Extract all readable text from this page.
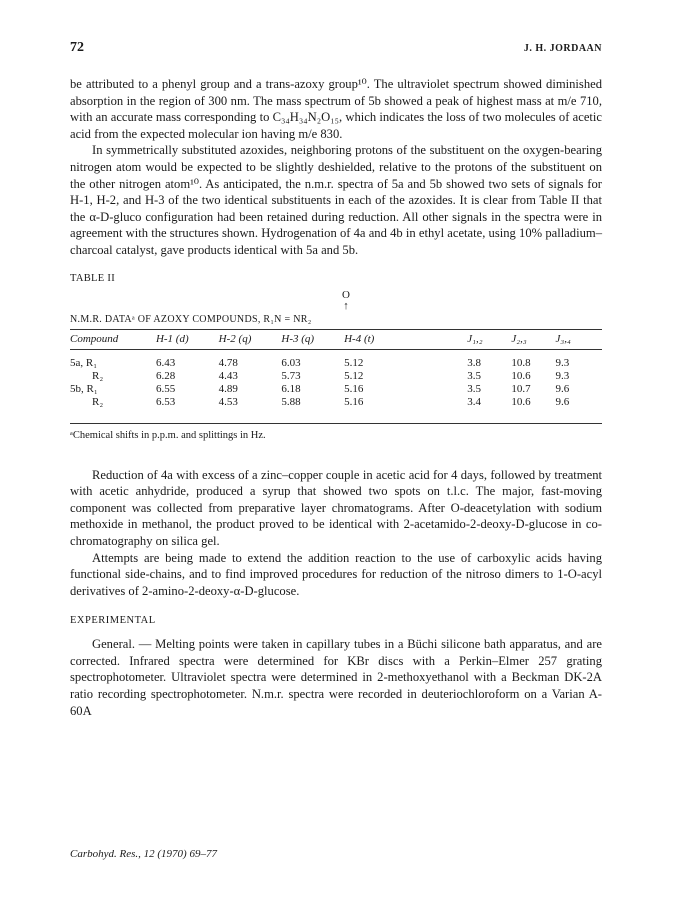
72	J. H. JORDAAN

be attributed to a phenyl group and a trans-azoxy group¹⁰. The ultraviolet spectrum showed diminished absorption in the region of 300 nm. The mass spectrum of 5b showed a peak of highest mass at m/e 710, with an accurate mass corresponding to C₃₄H₃₄N₂O₁₅, which indicates the loss of two molecules of acetic acid from the expected molecular ion having m/e 830.

In symmetrically substituted azoxides, neighboring protons of the substituent on the oxygen-bearing nitrogen atom would be expected to be slightly deshielded, relative to the protons of the substituent on the other nitrogen atom¹⁰. As anticipated, the n.m.r. spectra of 5a and 5b showed two sets of signals for H-1, H-2, and H-3 of the two identical substituents in each of the azoxides. It is clear from Table II that the α-D-gluco configuration had been retained during reduction. All other signals in the spectra were in agreement with the structures shown. Hydrogenation of 4a and 4b in ethyl acetate, using 10% palladium–charcoal catalyst, gave products identical with 5a and 5b.

TABLE II
O
↑
N.M.R. DATAᵃ OF AZOXY COMPOUNDS, R₁N = NR₂
Compound	H-1 (d)	H-2 (q)	H-3 (q)	H-4 (t)	J₁,₂	J₂,₃	J₃,₄

5a, R₁	6.43	4.78	6.03	5.12	3.8	10.8	9.3
R₂	6.28	4.43	5.73	5.12	3.5	10.6	9.3
5b, R₁	6.55	4.89	6.18	5.16	3.5	10.7	9.6
R₂	6.53	4.53	5.88	5.16	3.4	10.6	9.6

ᵃChemical shifts in p.p.m. and splittings in Hz.

Reduction of 4a with excess of a zinc–copper couple in acetic acid for 4 days, followed by treatment with acetic anhydride, produced a syrup that showed two spots on t.l.c. The major, fast-moving component was collected from preparative layer chromatograms. After O-deacetylation with sodium methoxide in methanol, the product proved to be identical with 2-acetamido-2-deoxy-D-glucose in co-chromatography on silica gel.

Attempts are being made to extend the addition reaction to the use of carboxylic acids having functional side-chains, and to find improved procedures for reduction of the nitroso dimers to 1-O-acyl derivatives of 2-amino-2-deoxy-α-D-glucose.

EXPERIMENTAL

General. — Melting points were taken in capillary tubes in a Büchi silicone bath apparatus, and are corrected. Infrared spectra were determined for KBr discs with a Perkin–Elmer 257 grating spectrophotometer. Ultraviolet spectra were determined in 2-methoxyethanol with a Beckman DK-2A ratio recording spectrophotometer. N.m.r. spectra were recorded in deuteriochloroform on a Varian A-60A

Carbohyd. Res., 12 (1970) 69–77
